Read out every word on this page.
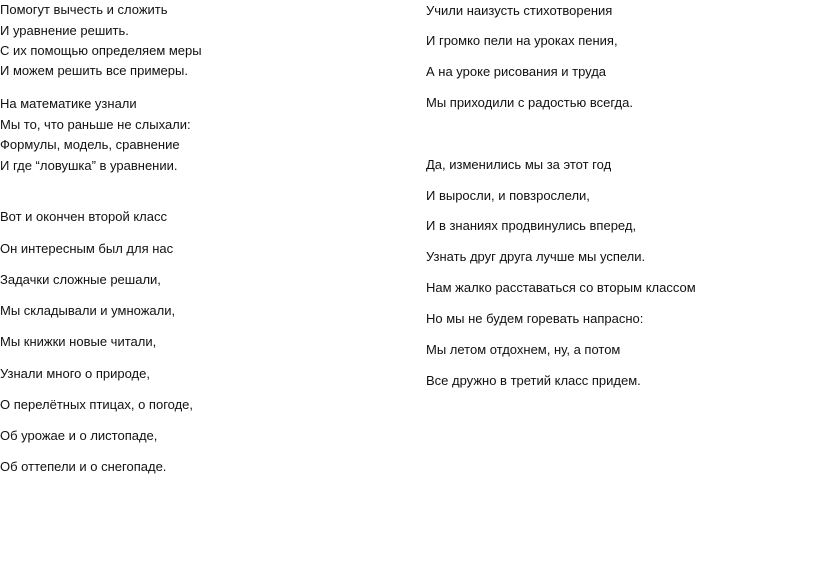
Помогут вычесть и сложить
И уравнение решить.
С их помощью определяем меры
И можем решить все примеры.
На математике узнали
Мы то, что раньше не слыхали:
Формулы, модель, сравнение
И где “ловушка” в уравнении.
Вот и окончен второй класс
Он интересным был для нас
Задачки сложные решали,
Мы складывали и умножали,
Мы книжки новые читали,
Узнали много о природе,
О перелётных птицах, о погоде,
Об урожае и о листопаде,
Об оттепели и о снегопаде.
Учили наизусть стихотворения
И громко пели на уроках пения,
А на уроке рисования и труда
Мы приходили с радостью всегда.
Да, изменились мы за этот год
И выросли, и повзрослели,
И в знаниях продвинулись вперед,
Узнать друг друга лучше мы успели.
Нам жалко расставаться со вторым классом
Но мы не будем горевать напрасно:
Мы летом отдохнем, ну, а потом
Все дружно в третий класс придем.
